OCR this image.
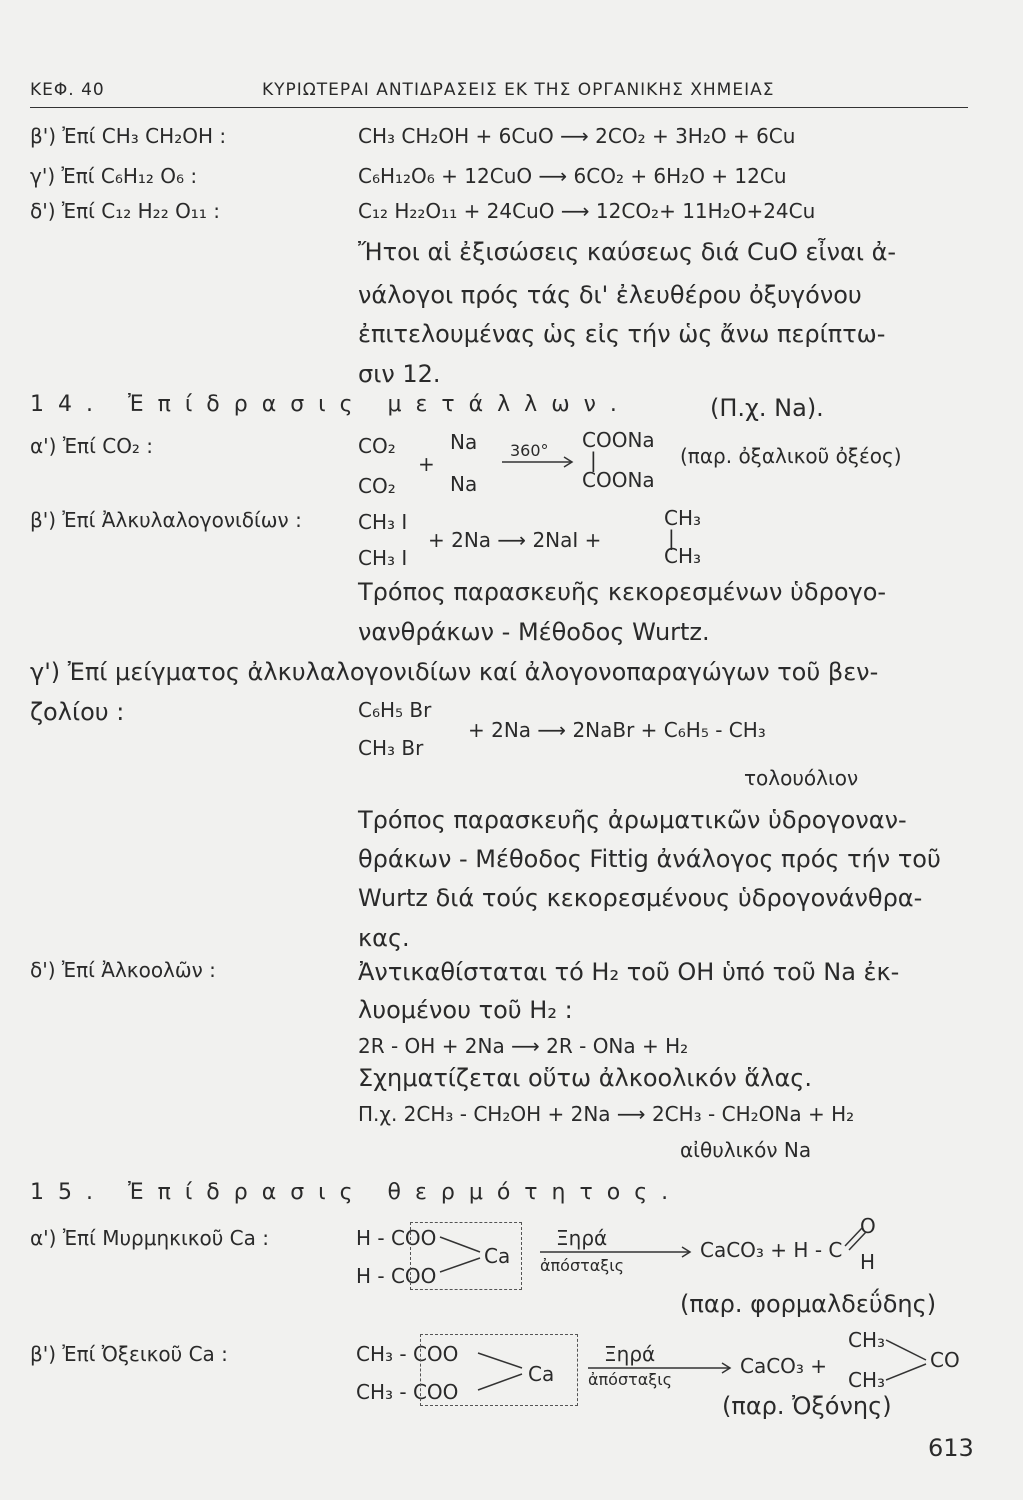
ΚΕΦ. 40	ΚΥΡΙΩΤΕΡΑΙ ΑΝΤΙΔΡΑΣΕΙΣ ΕΚ ΤΗΣ ΟΡΓΑΝΙΚΗΣ ΧΗΜΕΙΑΣ
β') Ἐπί CH₃ CH₂OH :	CH₃ CH₂OH + 6CuO ⟶ 2CO₂ + 3H₂O + 6Cu
γ') Ἐπί C₆H₁₂ O₆ :	C₆H₁₂O₆ + 12CuO ⟶ 6CO₂ + 6H₂O + 12Cu
δ') Ἐπί C₁₂ H₂₂ O₁₁ :	C₁₂ H₂₂O₁₁ + 24CuO ⟶ 12CO₂+ 11H₂O+24Cu
Ἤτοι αἱ ἐξισώσεις καύσεως διά CuO εἶναι ἀ-
νάλογοι πρός τάς δι' ἐλευθέρου ὀξυγόνου
ἐπιτελουμένας ὡς εἰς τήν ὡς ἄνω περίπτω-
σιν 12.
14. Ἐπίδρασις μετάλλων.	(Π.χ. Na).
α') Ἐπί CO₂ :	CO₂
+
CO₂
Na
Na
360° COONa
|
COONa
(παρ. ὀξαλικοῦ ὀξέος)
β') Ἐπί Ἀλκυλαλογονιδίων :	CH₃ I
CH₃ I
+ 2Na ⟶ 2NaI +
CH₃
|
CH₃
Τρόπος παρασκευῆς κεκορεσμένων ὑδρογο-
νανθράκων - Μέθοδος Wurtz.
γ') Ἐπί μείγματος ἀλκυλαλογονιδίων καί ἀλογονοπαραγώγων τοῦ βεν-
ζολίου :	C₆H₅ Br
CH₃ Br
+ 2Na ⟶ 2NaBr + C₆H₅ - CH₃
τολουόλιον
Τρόπος παρασκευῆς ἀρωματικῶν ὑδρογοναν-
θράκων - Μέθοδος Fittig ἀνάλογος πρός τήν τοῦ
Wurtz διά τούς κεκορεσμένους ὑδρογονάνθρα-
κας.
δ') Ἐπί Ἀλκοολῶν :	Ἀντικαθίσταται τό H₂ τοῦ OH ὑπό τοῦ Na ἐκ-
λυομένου τοῦ H₂ :
2R - OH + 2Na ⟶ 2R - ONa + H₂
Σχηματίζεται οὕτω ἀλκοολικόν ἅλας.
Π.χ. 2CH₃ - CH₂OH + 2Na ⟶ 2CH₃ - CH₂ONa + H₂
αἰθυλικόν Na
15. Ἐπίδρασις θερμότητος.
α') Ἐπί Μυρμηκικοῦ Ca :	H - COO
H - COO
Ca
Ξηρά
ἀπόσταξις
CaCO₃ + H - C
O
H
(παρ. φορμαλδεΰδης)
β') Ἐπί Ὀξεικοῦ Ca :	CH₃ - COO
CH₃ - COO
Ca
Ξηρά
ἀπόσταξις
CaCO₃ +
CH₃
CH₃
CO
(παρ. Ὀξόνης)
613
